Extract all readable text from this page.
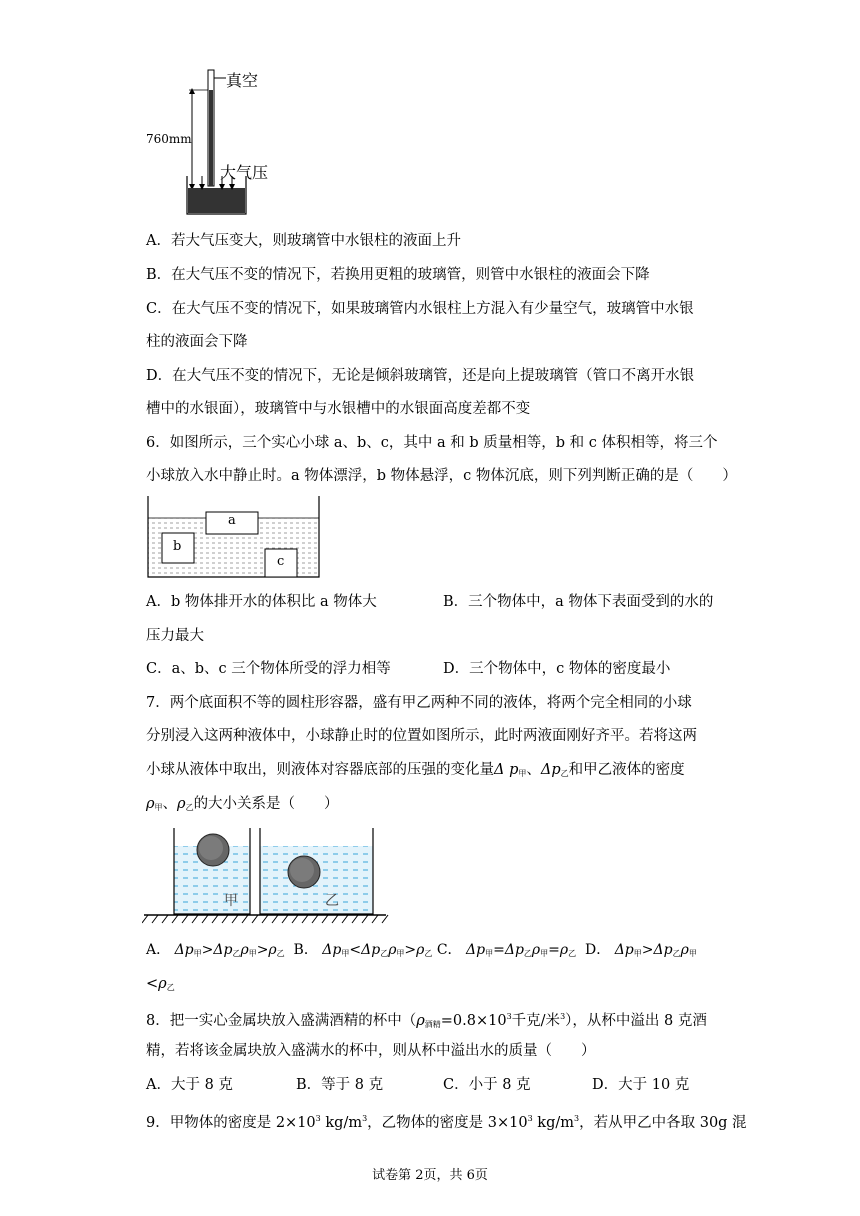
真空
760mm
大气压
A．若大气压变大，则玻璃管中水银柱的液面上升
B．在大气压不变的情况下，若换用更粗的玻璃管，则管中水银柱的液面会下降
C．在大气压不变的情况下，如果玻璃管内水银柱上方混入有少量空气，玻璃管中水银
柱的液面会下降
D．在大气压不变的情况下，无论是倾斜玻璃管，还是向上提玻璃管（管口不离开水银
槽中的水银面），玻璃管中与水银槽中的水银面高度差都不变
6．如图所示，三个实心小球 a、b、c，其中 a 和 b 质量相等，b 和 c 体积相等，将三个
小球放入水中静止时。a 物体漂浮，b 物体悬浮，c 物体沉底，则下列判断正确的是（　　）
a
b
c
A．b 物体排开水的体积比 a 物体大	B．三个物体中，a 物体下表面受到的水的
压力最大
C．a、b、c 三个物体所受的浮力相等	D．三个物体中，c 物体的密度最小
7．两个底面积不等的圆柱形容器，盛有甲乙两种不同的液体，将两个完全相同的小球
分别浸入这两种液体中，小球静止时的位置如图所示，此时两液面刚好齐平。若将这两
小球从液体中取出，则液体对容器底部的压强的变化量Δ $p_甲$、$\Delta p_乙$和甲乙液体的密度
$\rho_甲$、$\rho_乙$的大小关系是（　　）
甲	乙
A． $\Delta p_甲>\Delta p_乙\rho_甲>\rho_乙$  B． $\Delta p_甲<\Delta p_乙\rho_甲>\rho_乙$ C． $\Delta p_甲=\Delta p_乙\rho_甲=\rho_乙$  D． $\Delta p_甲>\Delta p_乙\rho_甲$
$<\rho_乙$
8．把一实心金属块放入盛满酒精的杯中（$\rho_{酒精}=0.8\times 10^3$千克/米$^3$），从杯中溢出 8 克酒
精，若将该金属块放入盛满水的杯中，则从杯中溢出水的质量（　　）
A．大于 8 克	B．等于 8 克	C．小于 8 克	D．大于 10 克
9．甲物体的密度是 $2\times 10^3$ $kg/m^3$，乙物体的密度是 $3\times 10^3$ $kg/m^3$，若从甲乙中各取 30g 混
试卷第 2页，共 6页
